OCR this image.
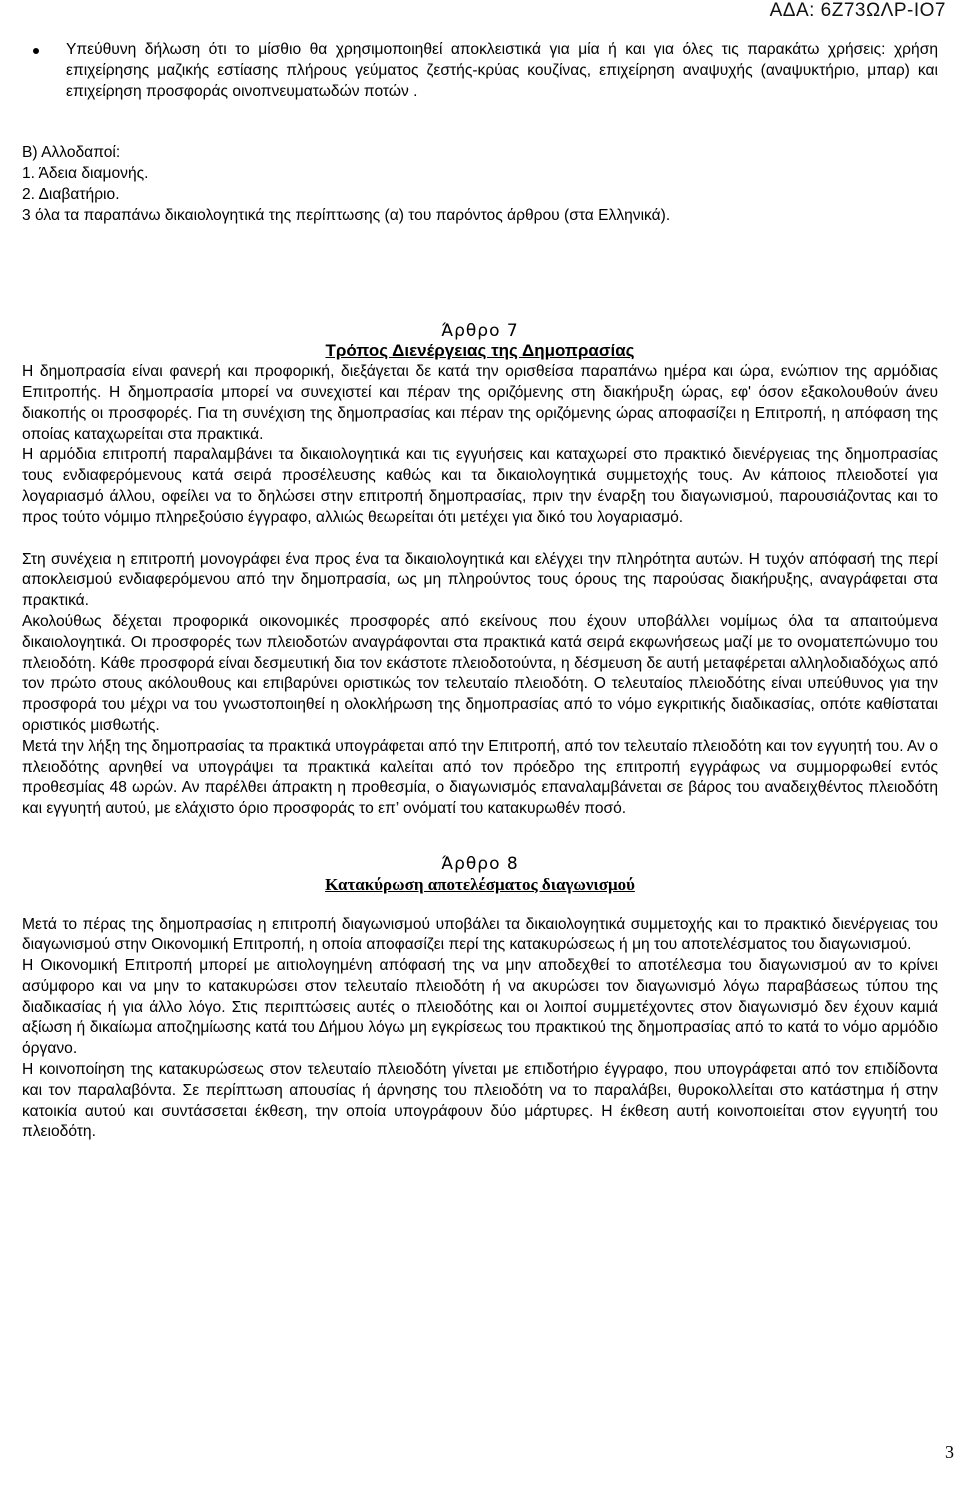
ΑΔΑ: 6Ζ73ΩΛΡ-ΙΟ7
Υπεύθυνη δήλωση ότι το μίσθιο θα χρησιμοποιηθεί αποκλειστικά για μία ή και για όλες τις παρακάτω χρήσεις: χρήση επιχείρησης μαζικής εστίασης πλήρους γεύματος ζεστής-κρύας κουζίνας, επιχείρηση αναψυχής (αναψυκτήριο, μπαρ) και επιχείρηση προσφοράς οινοπνευματωδών ποτών .

Β) Αλλοδαποί:

1. Άδεια διαμονής.

2. Διαβατήριο.

3 όλα τα παραπάνω δικαιολογητικά της περίπτωσης (α) του παρόντος άρθρου (στα Ελληνικά).

Άρθρο 7

Τρόπος Διενέργειας της Δημοπρασίας

Η δημοπρασία είναι φανερή και προφορική, διεξάγεται δε κατά την ορισθείσα παραπάνω ημέρα και ώρα, ενώπιον της αρμόδιας Επιτροπής. Η δημοπρασία μπορεί να συνεχιστεί και πέραν της οριζόμενης στη διακήρυξη ώρας, εφ' όσον εξακολουθούν άνευ διακοπής οι προσφορές. Για τη συνέχιση της δημοπρασίας και πέραν της οριζόμενης ώρας αποφασίζει η Επιτροπή, η απόφαση της οποίας καταχωρείται στα πρακτικά.

Η αρμόδια επιτροπή παραλαμβάνει τα δικαιολογητικά και τις εγγυήσεις και καταχωρεί στο πρακτικό διενέργειας της δημοπρασίας τους ενδιαφερόμενους κατά σειρά προσέλευσης καθώς και τα δικαιολογητικά συμμετοχής τους. Αν κάποιος πλειοδοτεί για λογαριασμό άλλου, οφείλει να το δηλώσει στην επιτροπή δημοπρασίας, πριν την έναρξη του διαγωνισμού, παρουσιάζοντας και το προς τούτο νόμιμο πληρεξούσιο έγγραφο, αλλιώς θεωρείται ότι μετέχει για δικό του λογαριασμό.

Στη συνέχεια η επιτροπή μονογράφει ένα προς ένα τα δικαιολογητικά και ελέγχει την πληρότητα αυτών. Η τυχόν απόφασή της περί αποκλεισμού ενδιαφερόμενου από την δημοπρασία, ως μη πληρούντος τους όρους της παρούσας διακήρυξης, αναγράφεται στα πρακτικά.

Ακολούθως δέχεται προφορικά οικονομικές προσφορές από εκείνους που έχουν υποβάλλει νομίμως όλα τα απαιτούμενα δικαιολογητικά. Οι προσφορές των πλειοδοτών αναγράφονται στα πρακτικά κατά σειρά εκφωνήσεως μαζί με το ονοματεπώνυμο του πλειοδότη. Κάθε προσφορά είναι δεσμευτική δια τον εκάστοτε πλειοδοτούντα, η δέσμευση δε αυτή μεταφέρεται αλληλοδιαδόχως από τον πρώτο στους ακόλουθους και επιβαρύνει οριστικώς τον τελευταίο πλειοδότη. Ο τελευταίος πλειοδότης είναι υπεύθυνος για την προσφορά του μέχρι να του γνωστοποιηθεί η ολοκλήρωση της δημοπρασίας από το νόμο εγκριτικής διαδικασίας, οπότε καθίσταται οριστικός μισθωτής.

Μετά την λήξη της δημοπρασίας τα πρακτικά υπογράφεται από την Επιτροπή, από τον τελευταίο πλειοδότη και τον εγγυητή του. Αν ο πλειοδότης αρνηθεί να υπογράψει τα πρακτικά καλείται από τον πρόεδρο της επιτροπή εγγράφως να συμμορφωθεί εντός προθεσμίας 48 ωρών. Αν παρέλθει άπρακτη η προθεσμία, ο διαγωνισμός επαναλαμβάνεται σε βάρος του αναδειχθέντος πλειοδότη και εγγυητή αυτού, με ελάχιστο όριο προσφοράς το επ’ ονόματί του κατακυρωθέν ποσό.

Άρθρο 8

Κατακύρωση αποτελέσματος διαγωνισμού

Μετά το πέρας της δημοπρασίας η επιτροπή διαγωνισμού υποβάλει τα δικαιολογητικά συμμετοχής και το πρακτικό διενέργειας του διαγωνισμού στην Οικονομική Επιτροπή, η οποία αποφασίζει περί της κατακυρώσεως ή μη του αποτελέσματος του διαγωνισμού.

Η Οικονομική Επιτροπή μπορεί με αιτιολογημένη απόφασή της να μην αποδεχθεί το αποτέλεσμα του διαγωνισμού αν το κρίνει ασύμφορο και να μην το κατακυρώσει στον τελευταίο πλειοδότη ή να ακυρώσει τον διαγωνισμό λόγω παραβάσεως τύπου της διαδικασίας ή για άλλο λόγο. Στις περιπτώσεις αυτές ο πλειοδότης και οι λοιποί συμμετέχοντες στον διαγωνισμό δεν έχουν καμιά αξίωση ή δικαίωμα αποζημίωσης κατά του Δήμου λόγω μη εγκρίσεως του πρακτικού της δημοπρασίας από το κατά το νόμο αρμόδιο όργανο.

Η κοινοποίηση της κατακυρώσεως στον τελευταίο πλειοδότη γίνεται με επιδοτήριο έγγραφο, που υπογράφεται από τον επιδίδοντα και τον παραλαβόντα. Σε περίπτωση απουσίας ή άρνησης του πλειοδότη να το παραλάβει, θυροκολλείται στο κατάστημα ή στην κατοικία αυτού και συντάσσεται έκθεση, την οποία υπογράφουν δύο μάρτυρες. Η έκθεση αυτή κοινοποιείται στον εγγυητή του πλειοδότη.

3
